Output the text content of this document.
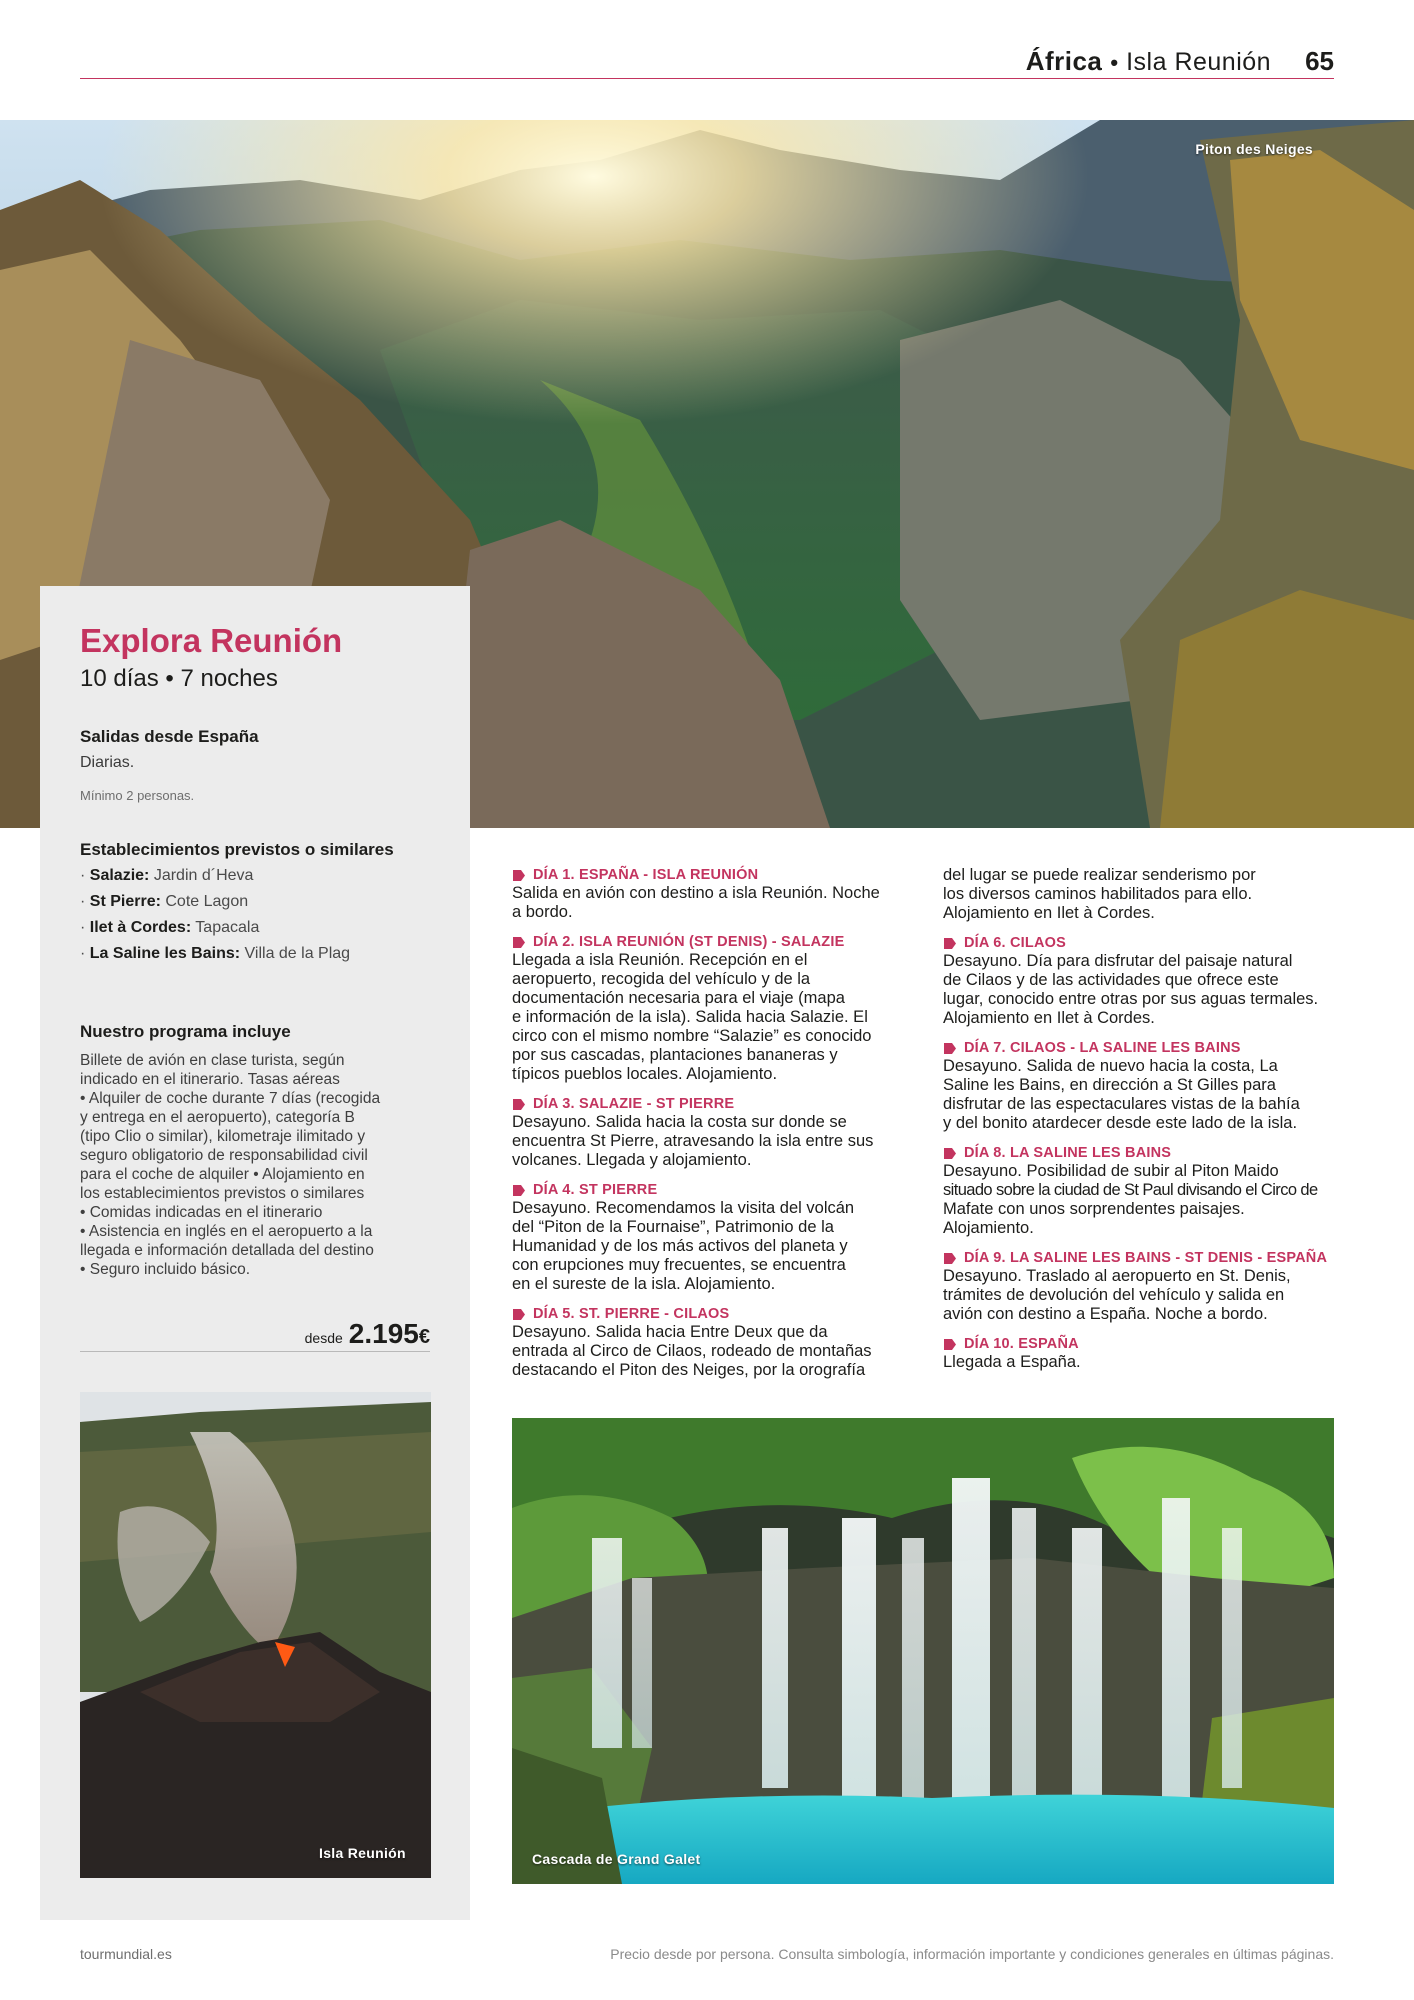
África • Isla Reunión 65
Piton des Neiges
Explora Reunión
10 días • 7 noches
Salidas desde España
Diarias.
Mínimo 2 personas.
Establecimientos previstos o similares
· Salazie: Jardin d´Heva
· St Pierre: Cote Lagon
· Ilet à Cordes: Tapacala
· La Saline les Bains: Villa de la Plag
Nuestro programa incluye
Billete de avión en clase turista, según
indicado en el itinerario. Tasas aéreas
• Alquiler de coche durante 7 días (recogida
y entrega en el aeropuerto), categoría B
(tipo Clio o similar), kilometraje ilimitado y
seguro obligatorio de responsabilidad civil
para el coche de alquiler • Alojamiento en
los establecimientos previstos o similares
• Comidas indicadas en el itinerario
• Asistencia en inglés en el aeropuerto a la
llegada e información detallada del destino
• Seguro incluido básico.
desde 2.195 €
Isla Reunión
DÍA 1. ESPAÑA - ISLA REUNIÓN
Salida en avión con destino a isla Reunión. Noche
a bordo.
DÍA 2. ISLA REUNIÓN (ST DENIS) - SALAZIE
Llegada a isla Reunión. Recepción en el
aeropuerto, recogida del vehículo y de la
documentación necesaria para el viaje (mapa
e información de la isla). Salida hacia Salazie. El
circo con el mismo nombre “Salazie” es conocido
por sus cascadas, plantaciones bananeras y
típicos pueblos locales. Alojamiento.
DÍA 3. SALAZIE - ST PIERRE
Desayuno. Salida hacia la costa sur donde se
encuentra St Pierre, atravesando la isla entre sus
volcanes. Llegada y alojamiento.
DÍA 4. ST PIERRE
Desayuno. Recomendamos la visita del volcán
del “Piton de la Fournaise”, Patrimonio de la
Humanidad y de los más activos del planeta y
con erupciones muy frecuentes, se encuentra
en el sureste de la isla. Alojamiento.
DÍA 5. ST. PIERRE - CILAOS
Desayuno. Salida hacia Entre Deux que da
entrada al Circo de Cilaos, rodeado de montañas
destacando el Piton des Neiges, por la orografía
del lugar se puede realizar senderismo por
los diversos caminos habilitados para ello.
Alojamiento en Ilet à Cordes.
DÍA 6. CILAOS
Desayuno. Día para disfrutar del paisaje natural
de Cilaos y de las actividades que ofrece este
lugar, conocido entre otras por sus aguas termales.
Alojamiento en Ilet à Cordes.
DÍA 7. CILAOS - LA SALINE LES BAINS
Desayuno. Salida de nuevo hacia la costa, La
Saline les Bains, en dirección a St Gilles para
disfrutar de las espectaculares vistas de la bahía
y del bonito atardecer desde este lado de la isla.
DÍA 8. LA SALINE LES BAINS
Desayuno. Posibilidad de subir al Piton Maido
situado sobre la ciudad de St Paul divisando el Circo de
Mafate con unos sorprendentes paisajes.
Alojamiento.
DÍA 9. LA SALINE LES BAINS - ST DENIS - ESPAÑA
Desayuno. Traslado al aeropuerto en St. Denis,
trámites de devolución del vehículo y salida en
avión con destino a España. Noche a bordo.
DÍA 10. ESPAÑA
Llegada a España.
Cascada de Grand Galet
tourmundial.es	Precio desde por persona. Consulta simbología, información importante y condiciones generales en últimas páginas.
